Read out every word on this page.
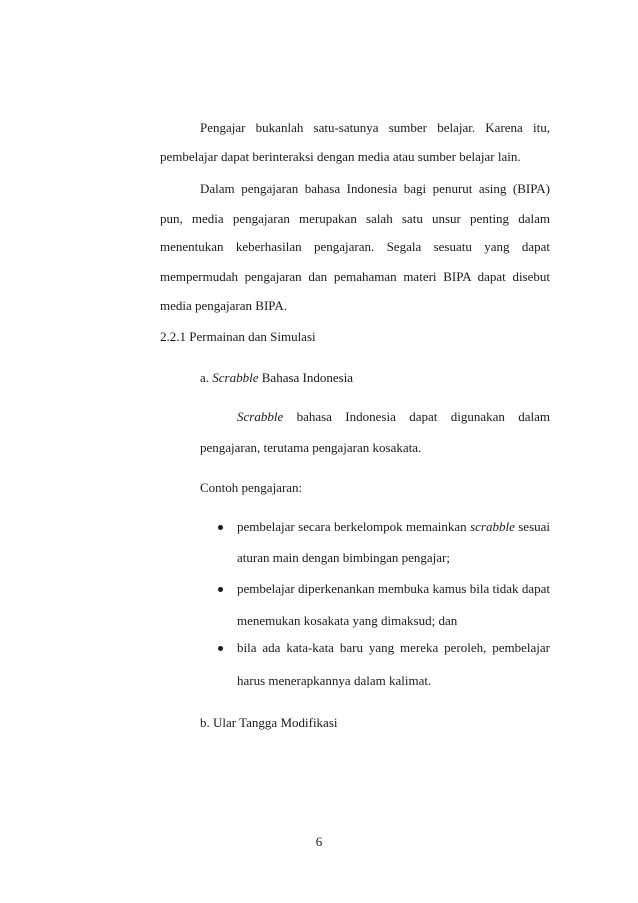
Pengajar bukanlah satu-satunya sumber belajar. Karena itu,
pembelajar dapat berinteraksi dengan media atau sumber belajar lain.
Dalam pengajaran bahasa Indonesia bagi penurut asing (BIPA)
pun, media pengajaran merupakan salah satu unsur penting dalam
menentukan keberhasilan pengajaran. Segala sesuatu yang dapat
mempermudah pengajaran dan pemahaman materi BIPA dapat disebut
media pengajaran BIPA.
2.2.1 Permainan dan Simulasi
a. Scrabble Bahasa Indonesia
Scrabble bahasa Indonesia dapat digunakan dalam
pengajaran, terutama pengajaran kosakata.
Contoh pengajaran:
pembelajar secara berkelompok memainkan scrabble sesuai
aturan main dengan bimbingan pengajar;
pembelajar diperkenankan membuka kamus bila tidak dapat
menemukan kosakata yang dimaksud; dan
bila ada kata-kata baru yang mereka peroleh, pembelajar
harus menerapkannya dalam kalimat.
b. Ular Tangga Modifikasi
6
